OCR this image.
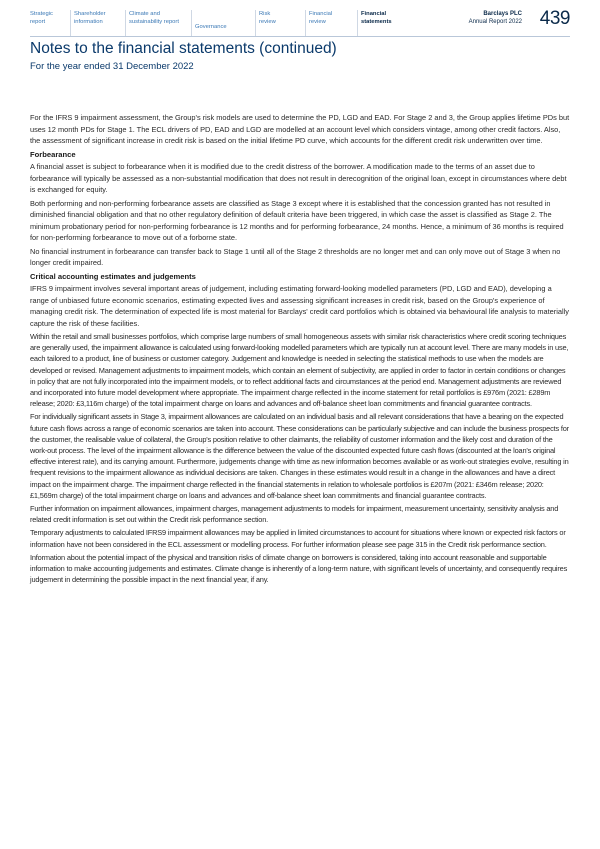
Strategic
report
Shareholder
information
Climate and
sustainability report
Governance
Risk
review
Financial
review
Financial
statements
Barclays PLC
Annual Report 2022 439
Notes to the financial statements (continued)
For the year ended 31 December 2022

For the IFRS 9 impairment assessment, the Group's risk models are used to determine the PD, LGD and EAD. For Stage 2 and 3, the Group applies lifetime PDs but uses 12 month PDs for Stage 1. The ECL drivers of PD, EAD and LGD are modelled at an account level which considers vintage, among other credit factors. Also, the assessment of significant increase in credit risk is based on the initial lifetime PD curve, which accounts for the different credit risk underwritten over time.

Forbearance

A financial asset is subject to forbearance when it is modified due to the credit distress of the borrower. A modification made to the terms of an asset due to forbearance will typically be assessed as a non-substantial modification that does not result in derecognition of the original loan, except in circumstances where debt is exchanged for equity.

Both performing and non-performing forbearance assets are classified as Stage 3 except where it is established that the concession granted has not resulted in diminished financial obligation and that no other regulatory definition of default criteria have been triggered, in which case the asset is classified as Stage 2. The minimum probationary period for non-performing forbearance is 12 months and for performing forbearance, 24 months. Hence, a minimum of 36 months is required for non-performing forbearance to move out of a forborne state.

No financial instrument in forbearance can transfer back to Stage 1 until all of the Stage 2 thresholds are no longer met and can only move out of Stage 3 when no longer credit impaired.

Critical accounting estimates and judgements

IFRS 9 impairment involves several important areas of judgement, including estimating forward-looking modelled parameters (PD, LGD and EAD), developing a range of unbiased future economic scenarios, estimating expected lives and assessing significant increases in credit risk, based on the Group's experience of managing credit risk. The determination of expected life is most material for Barclays' credit card portfolios which is obtained via behavioural life analysis to materially capture the risk of these facilities.

Within the retail and small businesses portfolios, which comprise large numbers of small homogeneous assets with similar risk characteristics where credit scoring techniques are generally used, the impairment allowance is calculated using forward-looking modelled parameters which are typically run at account level. There are many models in use, each tailored to a product, line of business or customer category. Judgement and knowledge is needed in selecting the statistical methods to use when the models are developed or revised. Management adjustments to impairment models, which contain an element of subjectivity, are applied in order to factor in certain conditions or changes in policy that are not fully incorporated into the impairment models, or to reflect additional facts and circumstances at the period end. Management adjustments are reviewed and incorporated into future model development where appropriate. The impairment charge reflected in the income statement for retail portfolios is £976m (2021: £289m release; 2020: £3,116m charge) of the total impairment charge on loans and advances and off-balance sheet loan commitments and financial guarantee contracts.

For individually significant assets in Stage 3, impairment allowances are calculated on an individual basis and all relevant considerations that have a bearing on the expected future cash flows across a range of economic scenarios are taken into account. These considerations can be particularly subjective and can include the business prospects for the customer, the realisable value of collateral, the Group's position relative to other claimants, the reliability of customer information and the likely cost and duration of the work-out process. The level of the impairment allowance is the difference between the value of the discounted expected future cash flows (discounted at the loan's original effective interest rate), and its carrying amount. Furthermore, judgements change with time as new information becomes available or as work-out strategies evolve, resulting in frequent revisions to the impairment allowance as individual decisions are taken. Changes in these estimates would result in a change in the allowances and have a direct impact on the impairment charge. The impairment charge reflected in the financial statements in relation to wholesale portfolios is £207m (2021: £346m release; 2020: £1,569m charge) of the total impairment charge on loans and advances and off-balance sheet loan commitments and financial guarantee contracts.

Further information on impairment allowances, impairment charges, management adjustments to models for impairment, measurement uncertainty, sensitivity analysis and related credit information is set out within the Credit risk performance section.

Temporary adjustments to calculated IFRS9 impairment allowances may be applied in limited circumstances to account for situations where known or expected risk factors or information have not been considered in the ECL assessment or modelling process. For further information please see page 315 in the Credit risk performance section.

Information about the potential impact of the physical and transition risks of climate change on borrowers is considered, taking into account reasonable and supportable information to make accounting judgements and estimates. Climate change is inherently of a long-term nature, with significant levels of uncertainty, and consequently requires judgement in determining the possible impact in the next financial year, if any.
